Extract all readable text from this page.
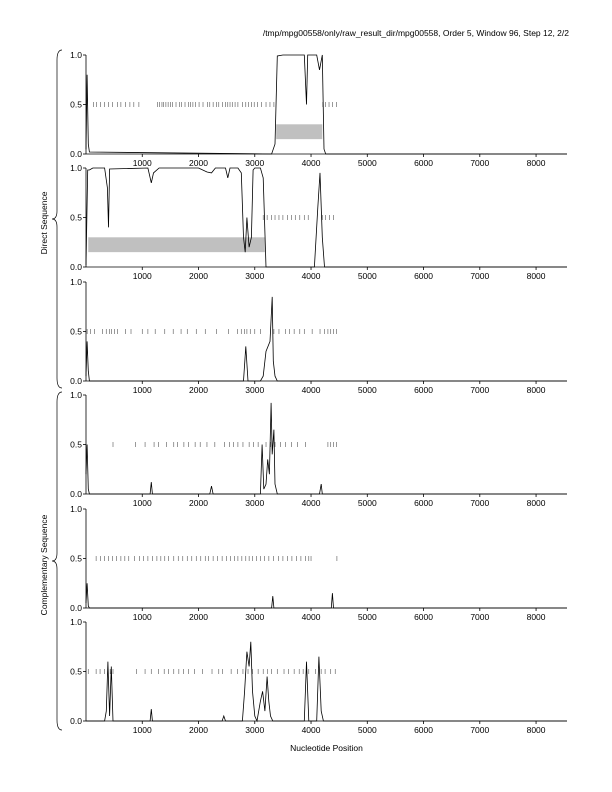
/tmp/mpg00558/only/raw_result_dir/mpg00558, Order 5, Window 96, Step 12, 2/2
Direct Sequence
Complementary Sequence
Nucleotide Position
0.0
0.5
1.0
1000	2000	3000	4000	5000	6000	7000	8000
0.0
0.5
1.0
1000	2000	3000	4000	5000	6000	7000	8000
0.0
0.5
1.0
1000	2000	3000	4000	5000	6000	7000	8000
0.0
0.5
1.0
1000	2000	3000	4000	5000	6000	7000	8000
0.0
0.5
1.0
1000	2000	3000	4000	5000	6000	7000	8000
0.0
0.5
1.0
1000	2000	3000	4000	5000	6000	7000	8000
